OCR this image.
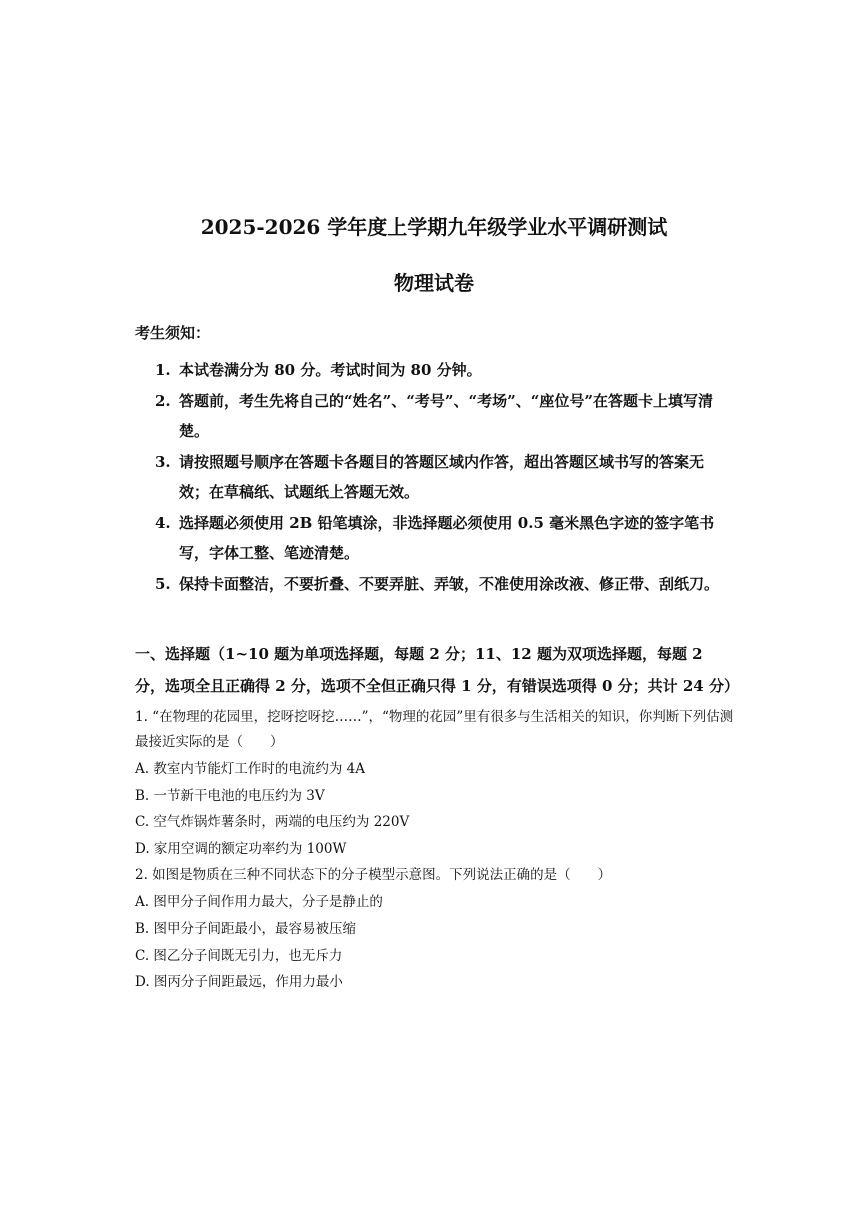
2025-2026 学年度上学期九年级学业水平调研测试
物理试卷
考生须知：
1. 本试卷满分为 80 分。考试时间为 80 分钟。
2. 答题前，考生先将自己的“姓名”、“考号”、“考场”、“座位号”在答题卡上填写清楚。
3. 请按照题号顺序在答题卡各题目的答题区域内作答，超出答题区域书写的答案无效；在草稿纸、试题纸上答题无效。
4. 选择题必须使用 2B 铅笔填涂，非选择题必须使用 0.5 毫米黑色字迹的签字笔书写，字体工整、笔迹清楚。
5. 保持卡面整洁，不要折叠、不要弄脏、弄皱，不准使用涂改液、修正带、刮纸刀。
一、选择题（1~10 题为单项选择题，每题 2 分；11、12 题为双项选择题，每题 2 分，选项全且正确得 2 分，选项不全但正确只得 1 分，有错误选项得 0 分；共计 24 分）
1. “在物理的花园里，挖呀挖呀挖……”，“物理的花园”里有很多与生活相关的知识，你判断下列估测最接近实际的是（　　）
A. 教室内节能灯工作时的电流约为 4A
B. 一节新干电池的电压约为 3V
C. 空气炸锅炸薯条时，两端的电压约为 220V
D. 家用空调的额定功率约为 100W
2. 如图是物质在三种不同状态下的分子模型示意图。下列说法正确的是（　　）
A. 图甲分子间作用力最大，分子是静止的
B. 图甲分子间距最小，最容易被压缩
C. 图乙分子间既无引力，也无斥力
D. 图丙分子间距最远，作用力最小
